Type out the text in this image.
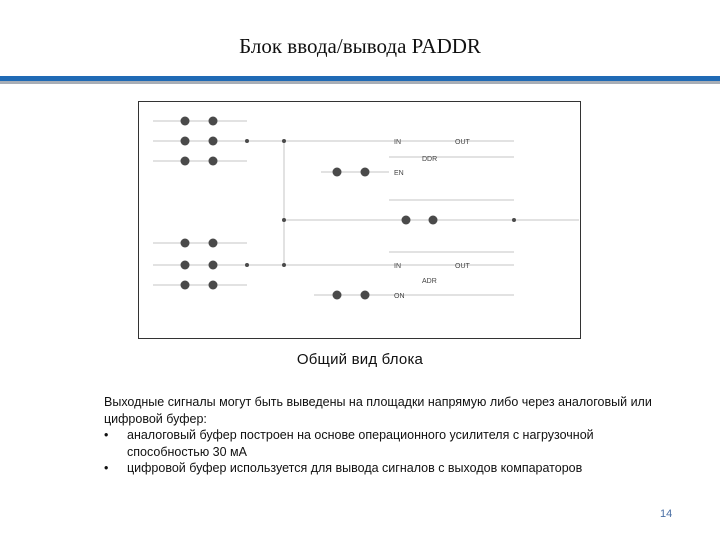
Блок ввода/вывода PADDR
IN	OUT
DDR
EN
IN	OUT
ADR
ON
Общий вид блока

Выходные сигналы могут быть выведены на площадки напрямую либо через аналоговый или цифровой буфер:

• аналоговый буфер построен на основе операционного усилителя с нагрузочной способностью 30 мА

• цифровой буфер используется для вывода сигналов с выходов компараторов

14
